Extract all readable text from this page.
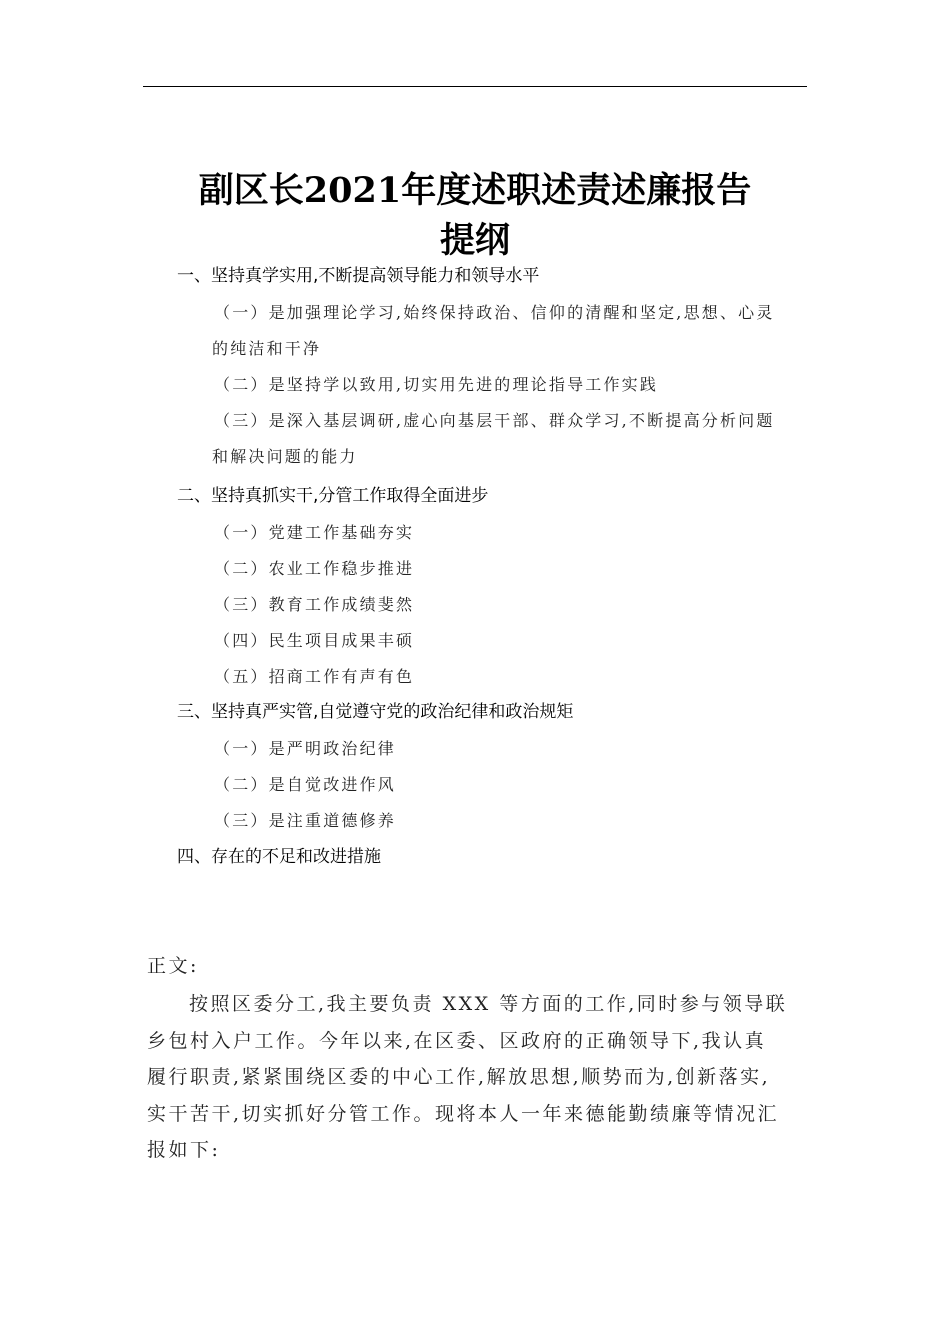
副区长2021年度述职述责述廉报告
提纲
一、坚持真学实用,不断提高领导能力和领导水平
（一）是加强理论学习,始终保持政治、信仰的清醒和坚定,思想、心灵
的纯洁和干净
（二）是坚持学以致用,切实用先进的理论指导工作实践
（三）是深入基层调研,虚心向基层干部、群众学习,不断提高分析问题
和解决问题的能力
二、坚持真抓实干,分管工作取得全面进步
（一）党建工作基础夯实
（二）农业工作稳步推进
（三）教育工作成绩斐然
（四）民生项目成果丰硕
（五）招商工作有声有色
三、坚持真严实管,自觉遵守党的政治纪律和政治规矩
（一）是严明政治纪律
（二）是自觉改进作风
（三）是注重道德修养
四、存在的不足和改进措施
正文:
按照区委分工,我主要负责 XXX 等方面的工作,同时参与领导联
乡包村入户工作。今年以来,在区委、区政府的正确领导下,我认真
履行职责,紧紧围绕区委的中心工作,解放思想,顺势而为,创新落实,
实干苦干,切实抓好分管工作。现将本人一年来德能勤绩廉等情况汇
报如下:
